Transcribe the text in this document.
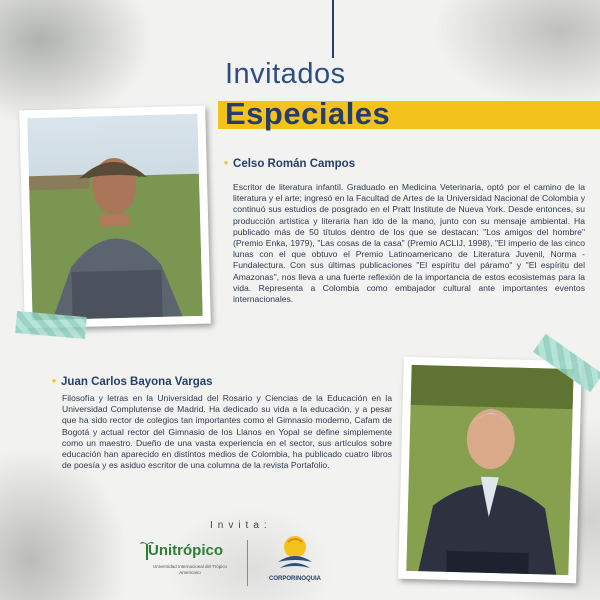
Invitados
Especiales
• Celso Román Campos
Escritor de literatura infantil. Graduado en Medicina Veterinaria, optó por el camino de la literatura y el arte; ingresó en la Facultad de Artes de la Universidad Nacional de Colombia y continuó sus estudios de posgrado en el Pratt Institute de Nueva York. Desde entonces, su producción artística y literaria han ido de la mano, junto con su mensaje ambiental. Ha publicado más de 50 títulos dentro de los que se destacan: "Los amigos del hombre" (Premio Enka, 1979), "Las cosas de la casa" (Premio ACLIJ, 1998), "El imperio de las cinco lunas con el que obtuvo el Premio Latinoamericano de Literatura Juvenil, Norma - Fundalectura. Con sus últimas publicaciones "El espíritu del páramo" y "El espíritu del Amazonas", nos lleva a una fuerte reflexión de la importancia de estos ecosistemas para la vida. Representa a Colombia como embajador cultural ante importantes eventos internacionales.
• Juan Carlos Bayona Vargas
Filosofía y letras en la Universidad del Rosario y Ciencias de la Educación en la Universidad Complutense de Madrid. Ha dedicado su vida a la educación, y a pesar que ha sido rector de colegios tan importantes como el Gimnasio moderno, Cafam de Bogotá y actual rector del Gimnasio de los Llanos en Yopal se define simplemente como un maestro. Dueño de una vasta experiencia en el sector, sus artículos sobre educación han aparecido en distintos medios de Colombia, ha publicado cuatro libros de poesía y es asiduo escritor de una columna de la revista Portafolio.
Invita:
Unitrópico
Universidad Internacional del Trópico Americano
CORPORINOQUIA
